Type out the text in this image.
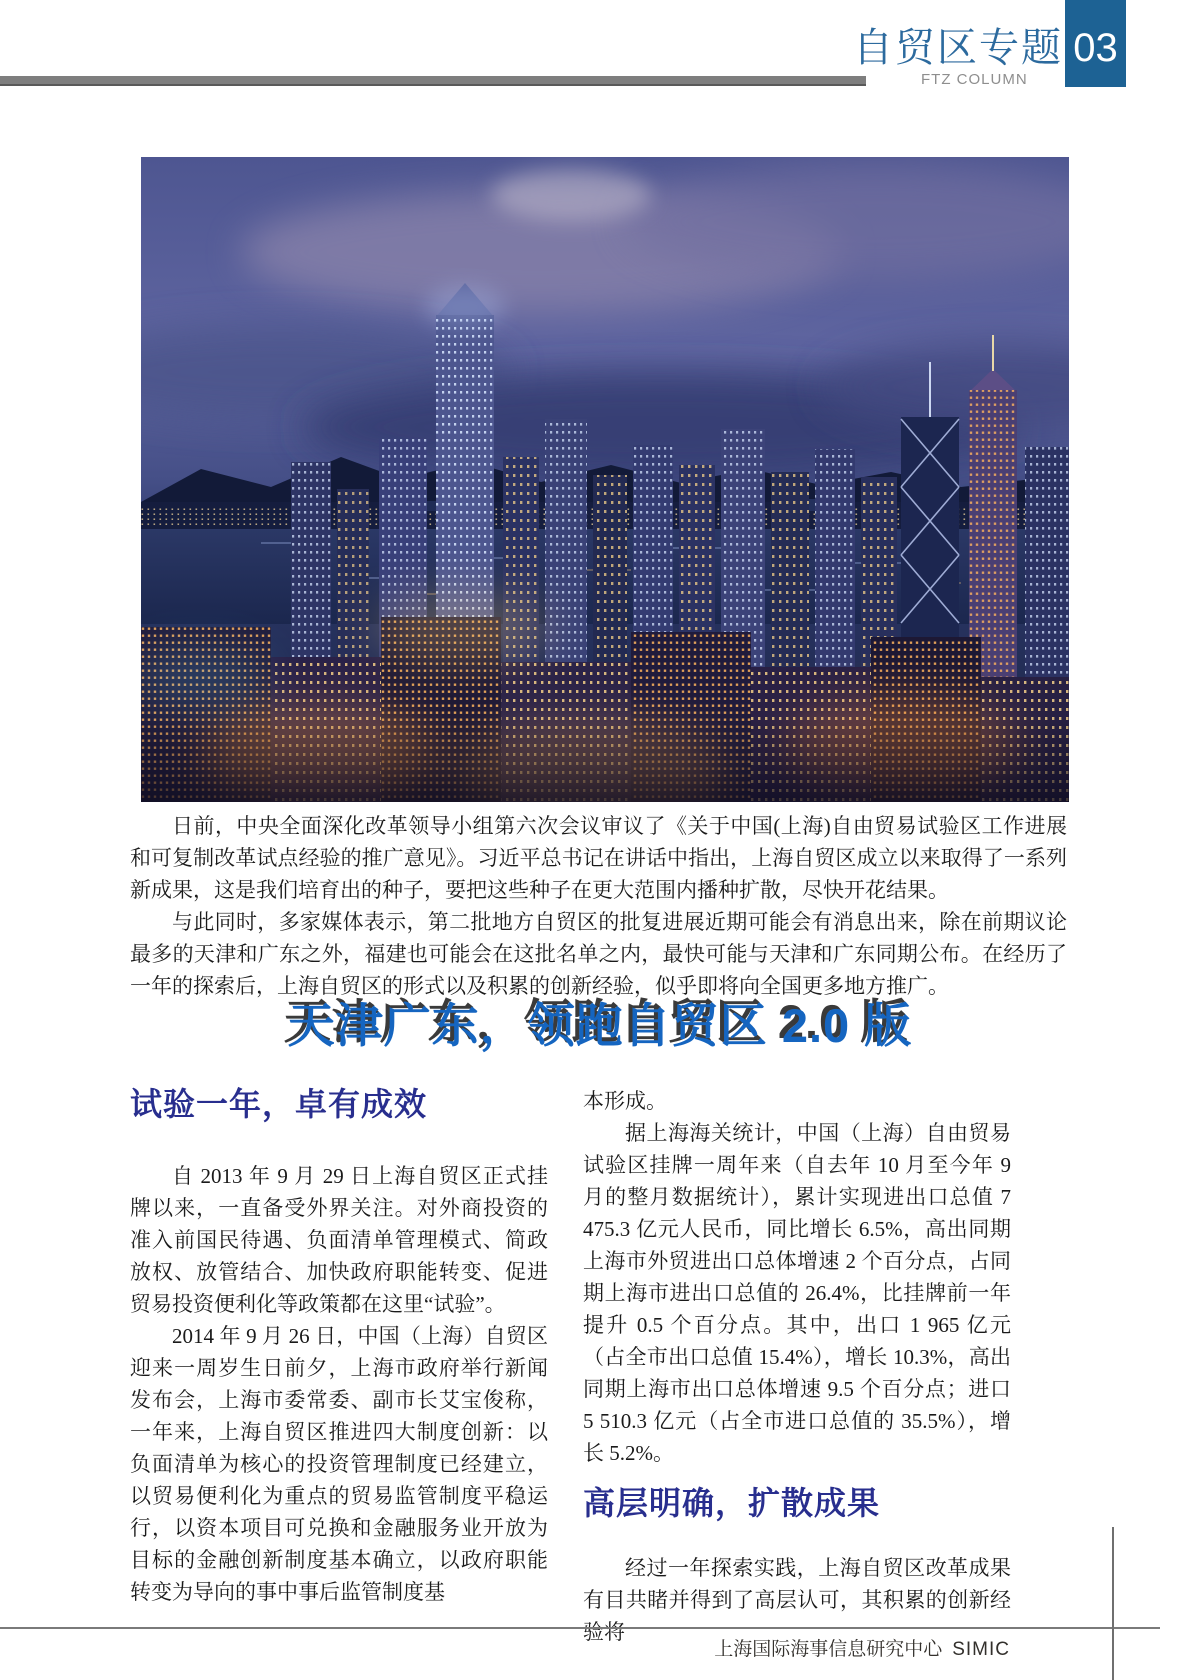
自贸区专题
FTZ COLUMN
03

日前，中央全面深化改革领导小组第六次会议审议了《关于中国(上海)自由贸易试验区工作进展和可复制改革试点经验的推广意见》。习近平总书记在讲话中指出，上海自贸区成立以来取得了一系列新成果，这是我们培育出的种子，要把这些种子在更大范围内播种扩散，尽快开花结果。

与此同时，多家媒体表示，第二批地方自贸区的批复进展近期可能会有消息出来，除在前期议论最多的天津和广东之外，福建也可能会在这批名单之内，最快可能与天津和广东同期公布。在经历了一年的探索后，上海自贸区的形式以及积累的创新经验，似乎即将向全国更多地方推广。

天津广东，领跑自贸区 2.0 版
试验一年，卓有成效

自 2013 年 9 月 29 日上海自贸区正式挂牌以来，一直备受外界关注。对外商投资的准入前国民待遇、负面清单管理模式、简政放权、放管结合、加快政府职能转变、促进贸易投资便利化等政策都在这里“试验”。

2014 年 9 月 26 日，中国（上海）自贸区迎来一周岁生日前夕，上海市政府举行新闻发布会，上海市委常委、副市长艾宝俊称，一年来，上海自贸区推进四大制度创新：以负面清单为核心的投资管理制度已经建立，以贸易便利化为重点的贸易监管制度平稳运行，以资本项目可兑换和金融服务业开放为目标的金融创新制度基本确立，以政府职能转变为导向的事中事后监管制度基

本形成。

据上海海关统计，中国（上海）自由贸易试验区挂牌一周年来（自去年 10 月至今年 9 月的整月数据统计），累计实现进出口总值 7 475.3 亿元人民币，同比增长 6.5%，高出同期上海市外贸进出口总体增速 2 个百分点，占同期上海市进出口总值的 26.4%，比挂牌前一年提升 0.5 个百分点。其中，出口 1 965 亿元（占全市出口总值 15.4%），增长 10.3%，高出同期上海市出口总体增速 9.5 个百分点；进口 5 510.3 亿元（占全市进口总值的 35.5%），增长 5.2%。

高层明确，扩散成果

经过一年探索实践，上海自贸区改革成果有目共睹并得到了高层认可，其积累的创新经验将

上海国际海事信息研究中心 SIMIC
